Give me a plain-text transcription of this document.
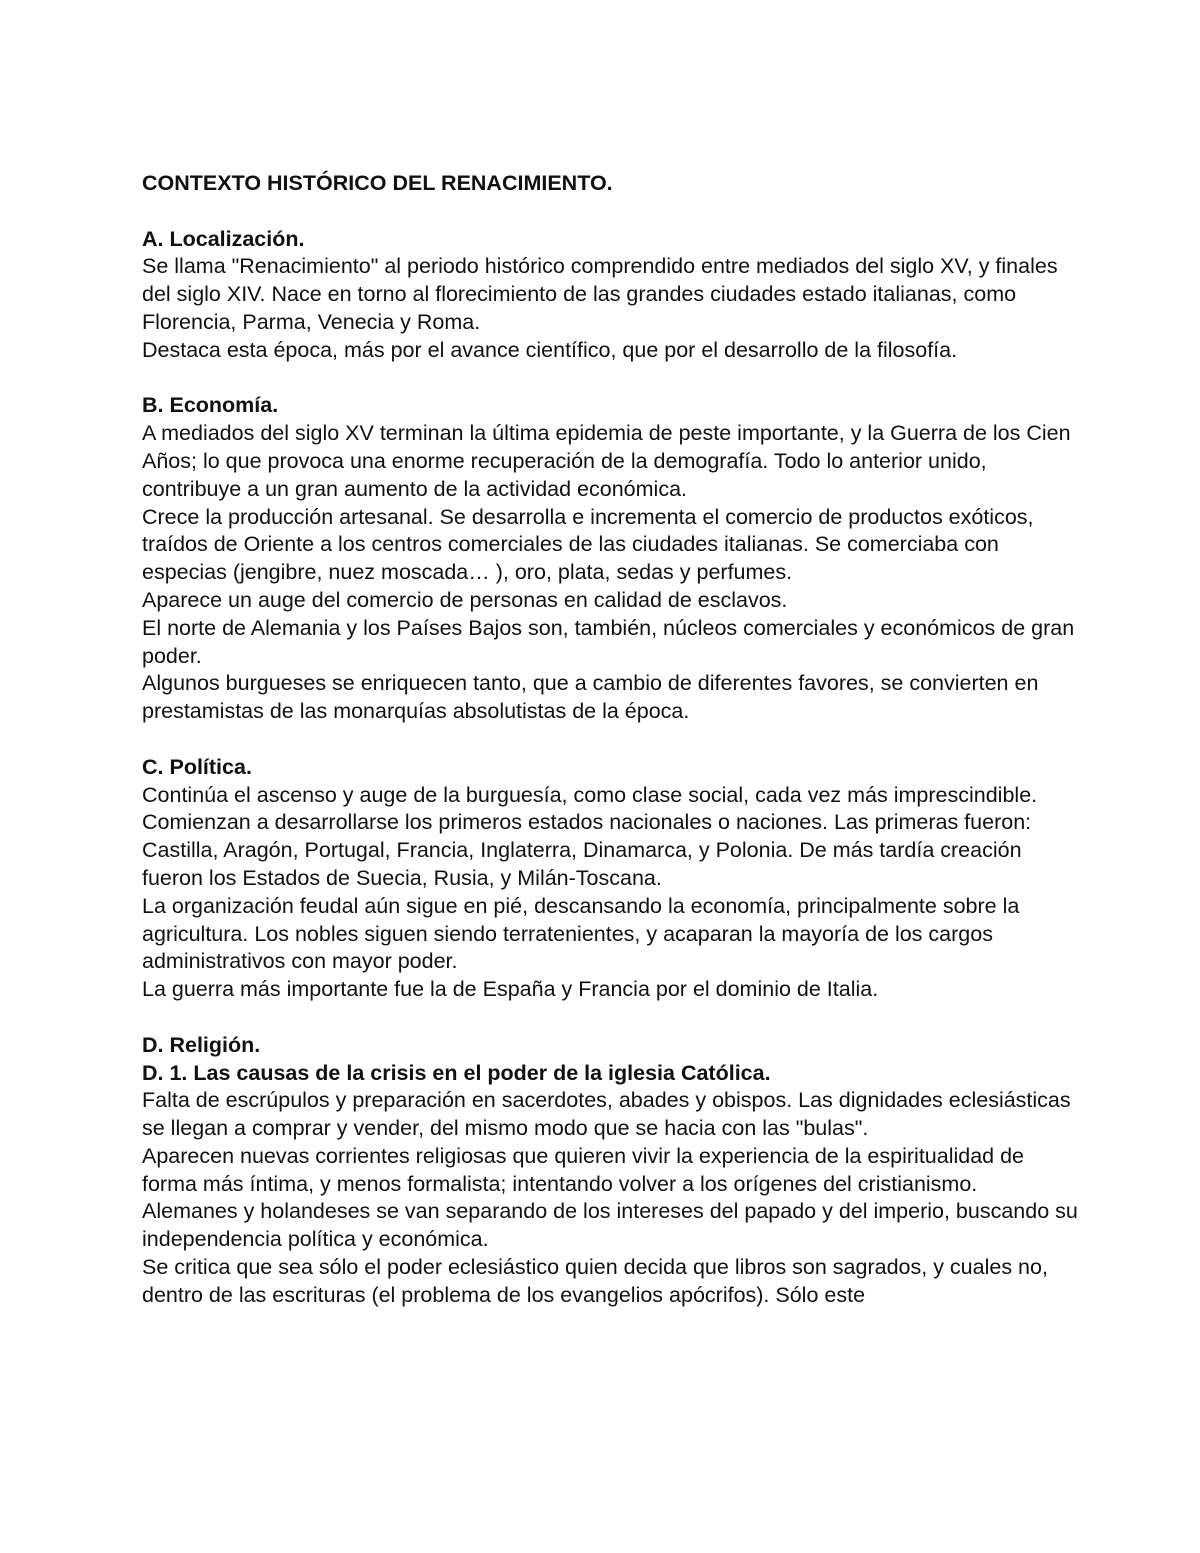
CONTEXTO HISTÓRICO DEL RENACIMIENTO.

A. Localización.

Se llama "Renacimiento" al periodo histórico comprendido entre mediados del siglo XV, y finales del siglo XIV. Nace en torno al florecimiento de las grandes ciudades estado italianas, como Florencia, Parma, Venecia y Roma.

Destaca esta época, más por el avance científico, que por el desarrollo de la filosofía.

B. Economía.

A mediados del siglo XV terminan la última epidemia de peste importante, y la Guerra de los Cien Años; lo que provoca una enorme recuperación de la demografía. Todo lo anterior unido, contribuye a un gran aumento de la actividad económica.

Crece la producción artesanal. Se desarrolla e incrementa el comercio de productos exóticos, traídos de Oriente a los centros comerciales de las ciudades italianas. Se comerciaba con especias (jengibre, nuez moscada… ), oro, plata, sedas y perfumes.

Aparece un auge del comercio de personas en calidad de esclavos.

El norte de Alemania y los Países Bajos son, también, núcleos comerciales y económicos de gran poder.

Algunos burgueses se enriquecen tanto, que a cambio de diferentes favores, se convierten en prestamistas de las monarquías absolutistas de la época.

C. Política.

Continúa el ascenso y auge de la burguesía, como clase social, cada vez más imprescindible.

Comienzan a desarrollarse los primeros estados nacionales o naciones. Las primeras fueron: Castilla, Aragón, Portugal, Francia, Inglaterra, Dinamarca, y Polonia. De más tardía creación fueron los Estados de Suecia, Rusia, y Milán-Toscana.

La organización feudal aún sigue en pié, descansando la economía, principalmente sobre la agricultura. Los nobles siguen siendo terratenientes, y acaparan la mayoría de los cargos administrativos con mayor poder.

La guerra más importante fue la de España y Francia por el dominio de Italia.

D. Religión.

D. 1. Las causas de la crisis en el poder de la iglesia Católica.

Falta de escrúpulos y preparación en sacerdotes, abades y obispos. Las dignidades eclesiásticas se llegan a comprar y vender, del mismo modo que se hacia con las "bulas".

Aparecen nuevas corrientes religiosas que quieren vivir la experiencia de la espiritualidad de forma más íntima, y menos formalista; intentando volver a los orígenes del cristianismo.

Alemanes y holandeses se van separando de los intereses del papado y del imperio, buscando su independencia política y económica.

Se critica que sea sólo el poder eclesiástico quien decida que libros son sagrados, y cuales no, dentro de las escrituras (el problema de los evangelios apócrifos). Sólo este
